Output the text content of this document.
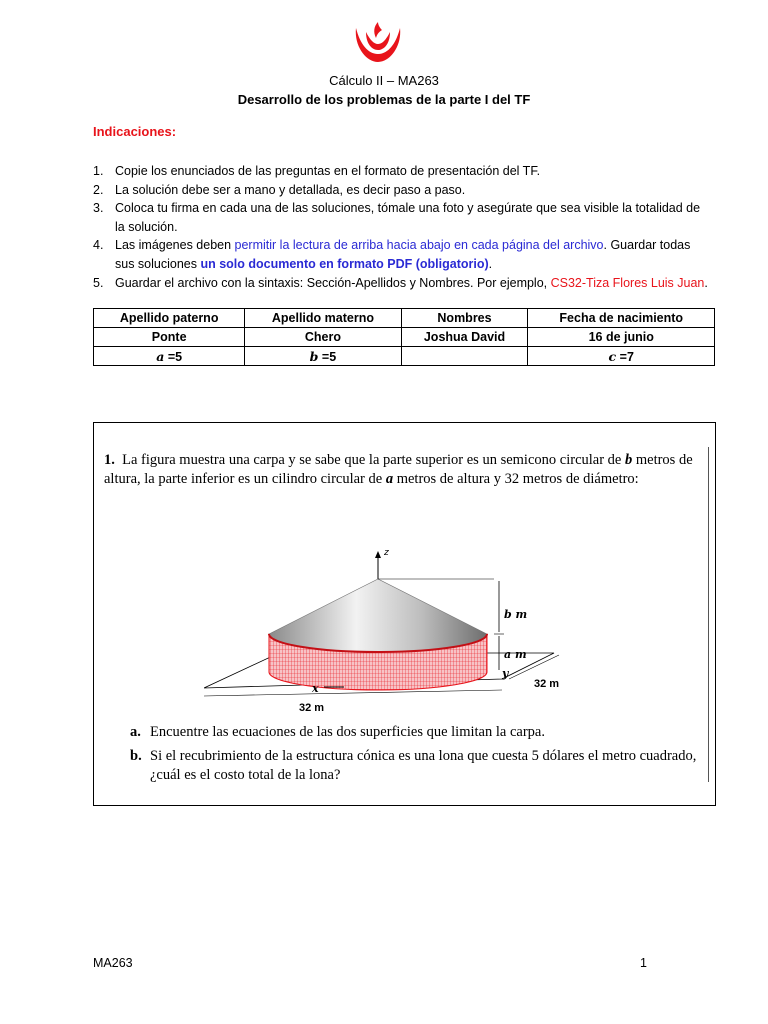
Cálculo II – MA263
Desarrollo de los problemas de la parte I del TF
Indicaciones:
1. Copie los enunciados de las preguntas en el formato de presentación del TF.
2. La solución debe ser a mano y detallada, es decir paso a paso.
3. Coloca tu firma en cada una de las soluciones, tómale una foto y asegúrate que sea visible la totalidad de la solución.
4. Las imágenes deben permitir la lectura de arriba hacia abajo en cada página del archivo. Guardar todas sus soluciones un solo documento en formato PDF (obligatorio).
5. Guardar el archivo con la sintaxis: Sección-Apellidos y Nombres. Por ejemplo, CS32-Tiza Flores Luis Juan.
Apellido paterno	Apellido materno	Nombres	Fecha de nacimiento
Ponte	Chero	Joshua David	16 de junio
a =5	b =5		c =7
1. La figura muestra una carpa y se sabe que la parte superior es un semicono circular de b metros de altura, la parte inferior es un cilindro circular de a metros de altura y 32 metros de diámetro:
z
b m
a m
y
x
32 m
32 m
a. Encuentre las ecuaciones de las dos superficies que limitan la carpa.
b. Si el recubrimiento de la estructura cónica es una lona que cuesta 5 dólares el metro cuadrado, ¿cuál es el costo total de la lona?
MA263	1
